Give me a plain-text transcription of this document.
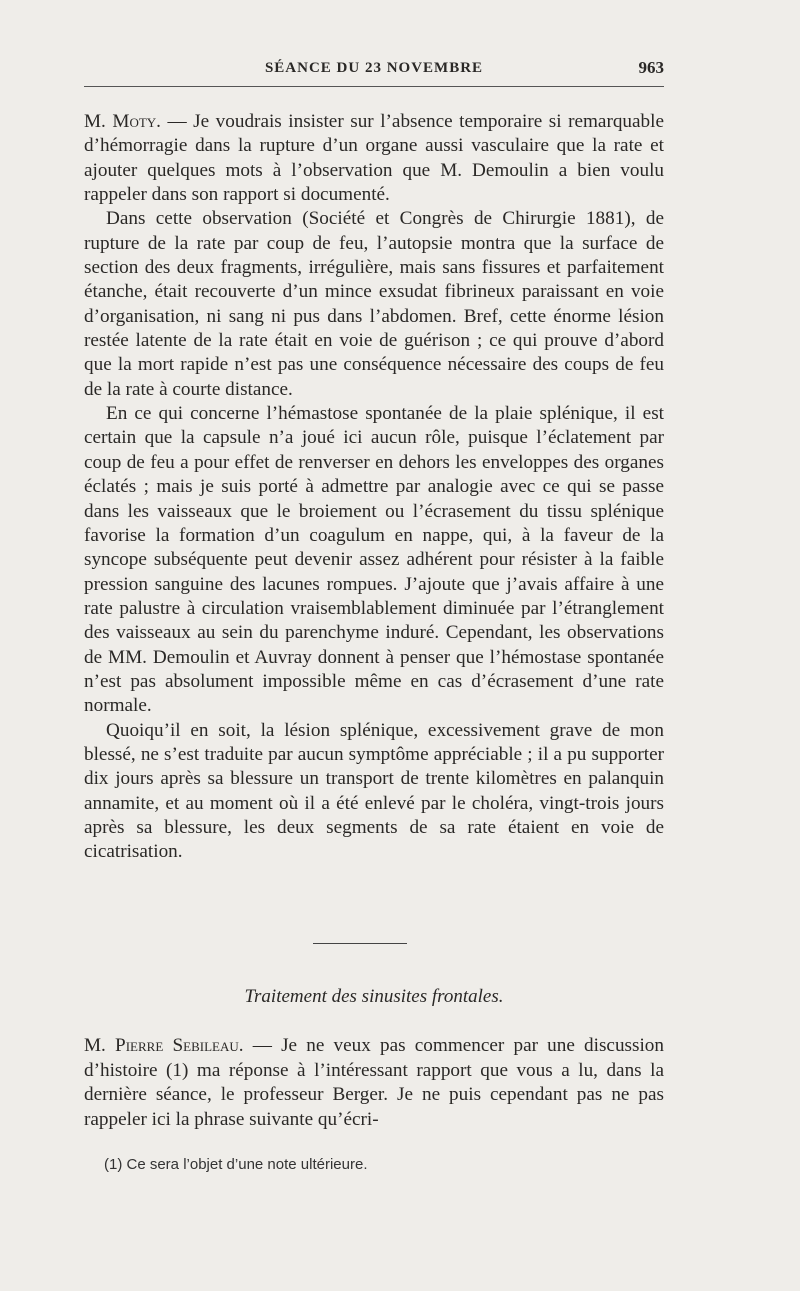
SÉANCE DU 23 NOVEMBRE	963

M. Moty. — Je voudrais insister sur l’absence temporaire si remarquable d’hémorragie dans la rupture d’un organe aussi vasculaire que la rate et ajouter quelques mots à l’observation que M. Demoulin a bien voulu rappeler dans son rapport si documenté.

Dans cette observation (Société et Congrès de Chirurgie 1881), de rupture de la rate par coup de feu, l’autopsie montra que la surface de section des deux fragments, irrégulière, mais sans fissures et parfaitement étanche, était recouverte d’un mince exsudat fibrineux paraissant en voie d’organisation, ni sang ni pus dans l’abdomen. Bref, cette énorme lésion restée latente de la rate était en voie de guérison ; ce qui prouve d’abord que la mort rapide n’est pas une conséquence nécessaire des coups de feu de la rate à courte distance.

En ce qui concerne l’hémastose spontanée de la plaie splénique, il est certain que la capsule n’a joué ici aucun rôle, puisque l’éclatement par coup de feu a pour effet de renverser en dehors les enveloppes des organes éclatés ; mais je suis porté à admettre par analogie avec ce qui se passe dans les vaisseaux que le broiement ou l’écrasement du tissu splénique favorise la formation d’un coagulum en nappe, qui, à la faveur de la syncope subséquente peut devenir assez adhérent pour résister à la faible pression sanguine des lacunes rompues. J’ajoute que j’avais affaire à une rate palustre à circulation vraisemblablement diminuée par l’étranglement des vaisseaux au sein du parenchyme induré. Cependant, les observations de MM. Demoulin et Auvray donnent à penser que l’hémostase spontanée n’est pas absolument impossible même en cas d’écrasement d’une rate normale.

Quoiqu’il en soit, la lésion splénique, excessivement grave de mon blessé, ne s’est traduite par aucun symptôme appréciable ; il a pu supporter dix jours après sa blessure un transport de trente kilomètres en palanquin annamite, et au moment où il a été enlevé par le choléra, vingt-trois jours après sa blessure, les deux segments de sa rate étaient en voie de cicatrisation.

Traitement des sinusites frontales.

M. Pierre Sebileau. — Je ne veux pas commencer par une discussion d’histoire (1) ma réponse à l’intéressant rapport que vous a lu, dans la dernière séance, le professeur Berger. Je ne puis cependant pas ne pas rappeler ici la phrase suivante qu’écri-

(1) Ce sera l’objet d’une note ultérieure.
